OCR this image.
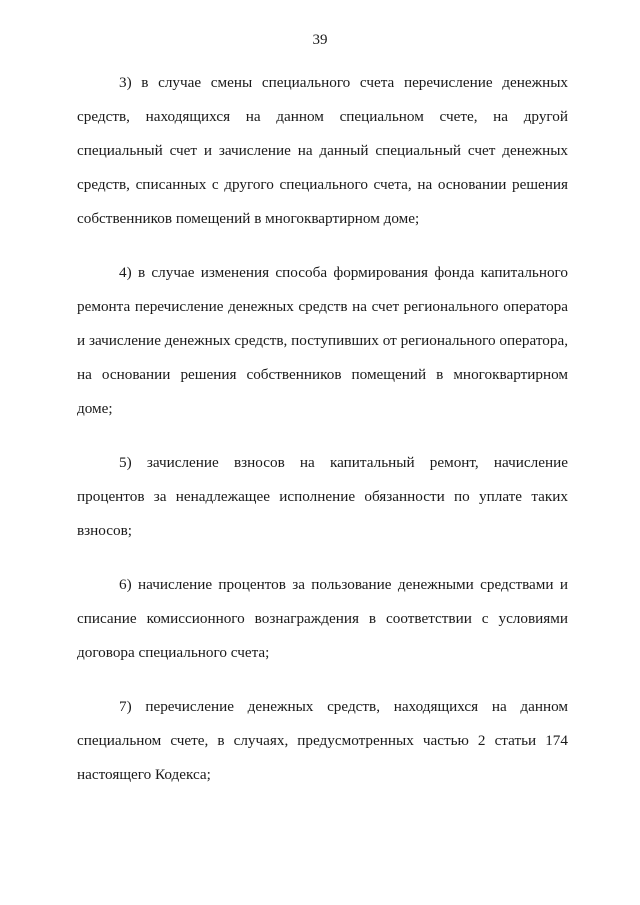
39

3) в случае смены специального счета перечисление денежных средств, находящихся на данном специальном счете, на другой специальный счет и зачисление на данный специальный счет денежных средств, списанных с другого специального счета, на основании решения собственников помещений в многоквартирном доме;

4) в случае изменения способа формирования фонда капитального ремонта перечисление денежных средств на счет регионального оператора и зачисление денежных средств, поступивших от регионального оператора, на основании решения собственников помещений в многоквартирном доме;

5) зачисление взносов на капитальный ремонт, начисление процентов за ненадлежащее исполнение обязанности по уплате таких взносов;

6) начисление процентов за пользование денежными средствами и списание комиссионного вознаграждения в соответствии с условиями договора специального счета;

7) перечисление денежных средств, находящихся на данном специальном счете, в случаях, предусмотренных частью 2 статьи 174 настоящего Кодекса;
